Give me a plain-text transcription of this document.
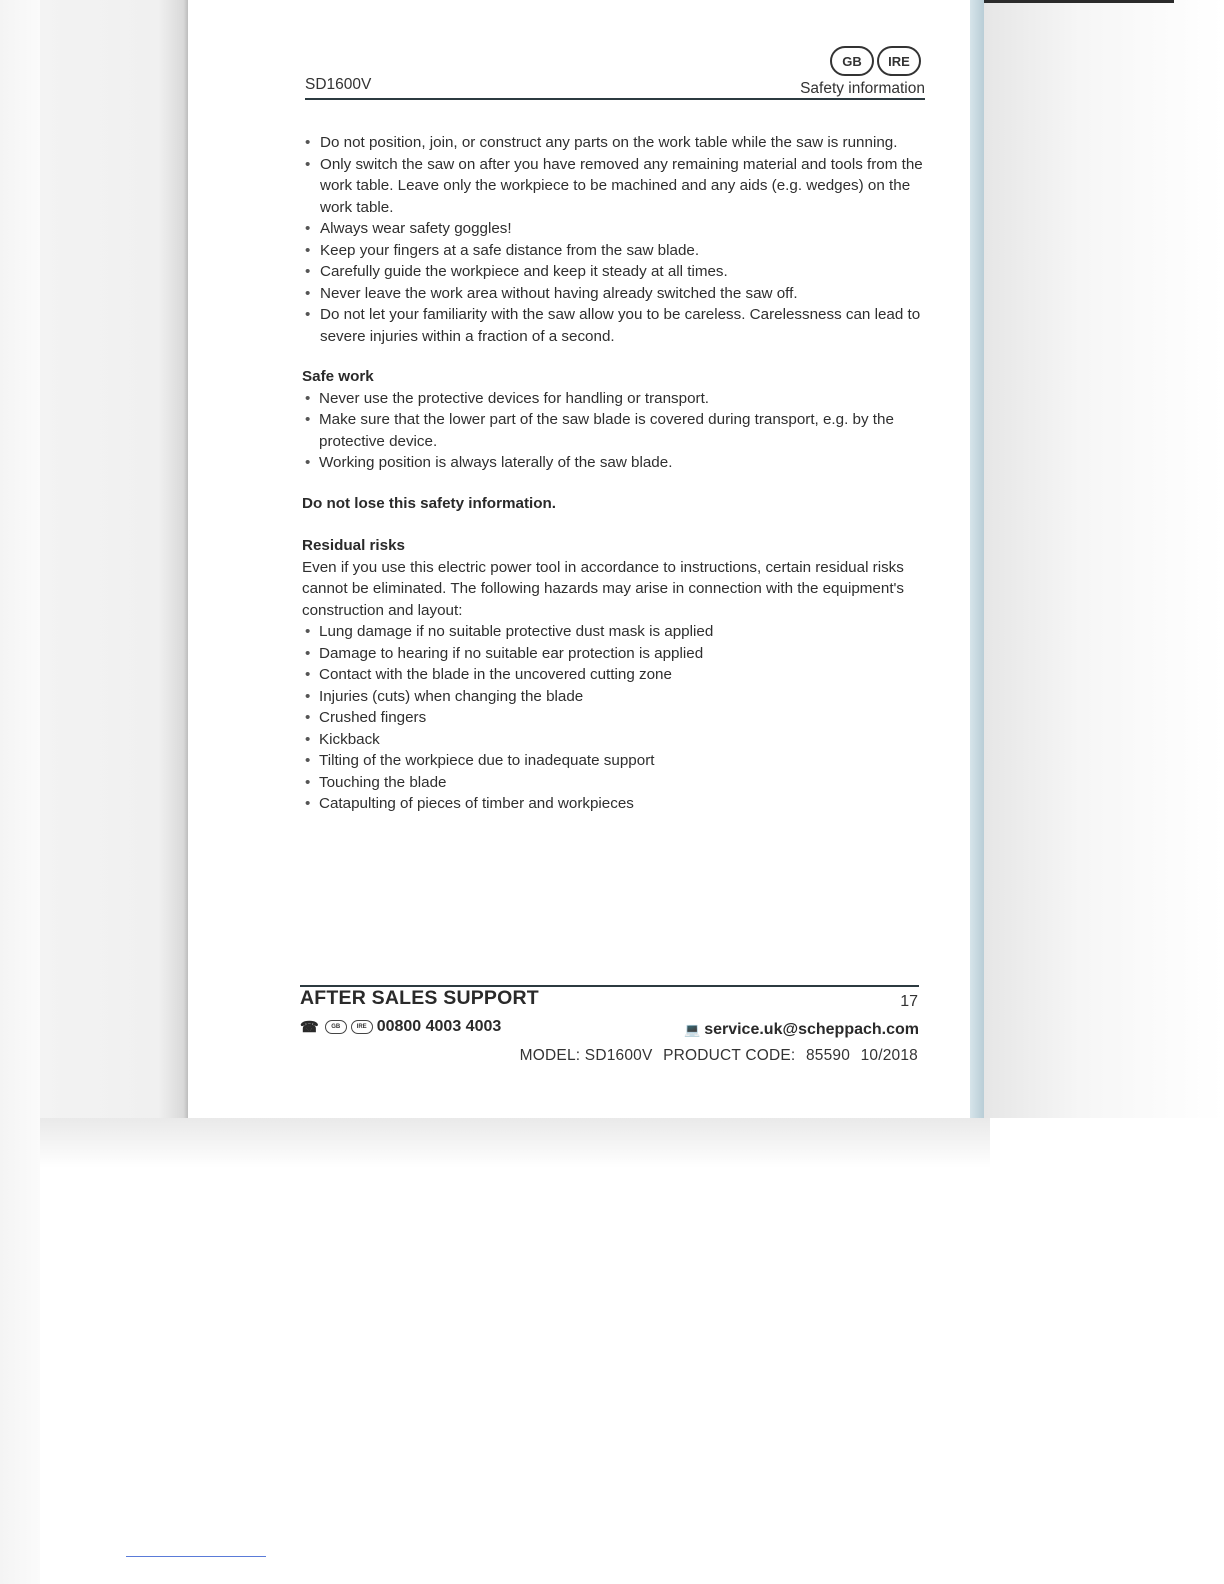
SD1600V
GB	IRE
Safety information
• Do not position, join, or construct any parts on the work table while the saw is running.
• Only switch the saw on after you have removed any remaining material and tools from the work table. Leave only the workpiece to be machined and any aids (e.g. wedges) on the work table.
• Always wear safety goggles!
• Keep your fingers at a safe distance from the saw blade.
• Carefully guide the workpiece and keep it steady at all times.
• Never leave the work area without having already switched the saw off.
• Do not let your familiarity with the saw allow you to be careless. Carelessness can lead to severe injuries within a fraction of a second.

Safe work

• Never use the protective devices for handling or transport.
• Make sure that the lower part of the saw blade is covered during transport, e.g. by the protective device.
• Working position is always laterally of the saw blade.

Do not lose this safety information.

Residual risks

Even if you use this electric power tool in accordance to instructions, certain residual risks cannot be eliminated. The following hazards may arise in connection with the equipment's construction and layout:

• Lung damage if no suitable protective dust mask is applied
• Damage to hearing if no suitable ear protection is applied
• Contact with the blade in the uncovered cutting zone
• Injuries (cuts) when changing the blade
• Crushed fingers
• Kickback
• Tilting of the workpiece due to inadequate support
• Touching the blade
• Catapulting of pieces of timber and workpieces
AFTER SALES SUPPORT	17
☎	GB	IRE 00800 4003 4003	💻 service.uk@scheppach.com
MODEL: SD1600V PRODUCT CODE: 85590 10/2018
